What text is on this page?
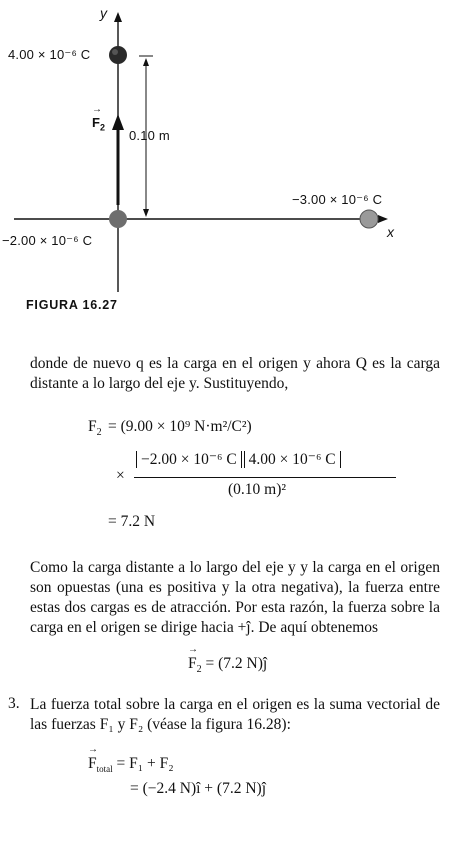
y
x
4.00 × 10⁻⁶ C
−2.00 × 10⁻⁶ C
−3.00 × 10⁻⁶ C
0.10 m
→ $F_2$
FIGURA 16.27

donde de nuevo q es la carga en el origen y ahora Q es la carga distante a lo largo del eje y. Sustituyendo,

$F_2 = (9.00 \times 10^9$ N·m²/C²)
×
−2.00 × 10⁻⁶ C 4.00 × 10⁻⁶ C
(0.10 m)²
= 7.2 N

Como la carga distante a lo largo del eje y y la carga en el origen son opuestas (una es positiva y la otra negativa), la fuerza entre estas dos cargas es de atracción. Por esta razón, la fuerza sobre la carga en el origen se dirige hacia +ĵ. De aquí obtenemos

→ $F_2 = (7.2$ N)ĵ
3. La fuerza total sobre la carga en el origen es la suma vectorial de las fuerzas F₁ y F₂ (véase la figura 16.28):

→ $F_{total} = F_1 + F_2$
= (−2.4 N)î + (7.2 N)ĵ
